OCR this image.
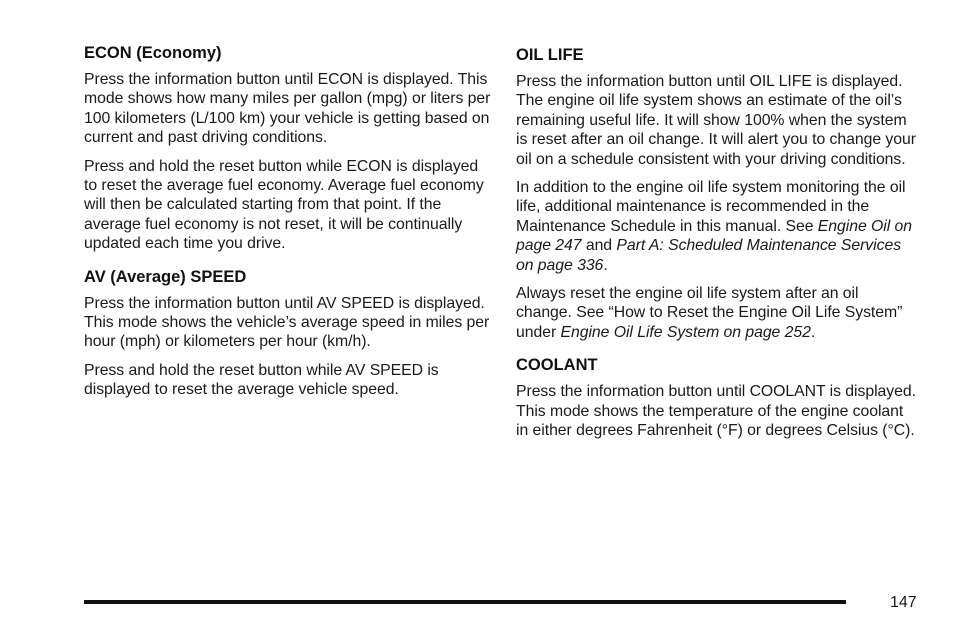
ECON (Economy)

Press the information button until ECON is displayed. This mode shows how many miles per gallon (mpg) or liters per 100 kilometers (L/100 km) your vehicle is getting based on current and past driving conditions.

Press and hold the reset button while ECON is displayed to reset the average fuel economy. Average fuel economy will then be calculated starting from that point. If the average fuel economy is not reset, it will be continually updated each time you drive.

AV (Average) SPEED

Press the information button until AV SPEED is displayed. This mode shows the vehicle’s average speed in miles per hour (mph) or kilometers per hour (km/h).

Press and hold the reset button while AV SPEED is displayed to reset the average vehicle speed.

OIL LIFE

Press the information button until OIL LIFE is displayed. The engine oil life system shows an estimate of the oil’s remaining useful life. It will show 100% when the system is reset after an oil change. It will alert you to change your oil on a schedule consistent with your driving conditions.

In addition to the engine oil life system monitoring the oil life, additional maintenance is recommended in the Maintenance Schedule in this manual. See Engine Oil on page 247 and Part A: Scheduled Maintenance Services on page 336.

Always reset the engine oil life system after an oil change. See “How to Reset the Engine Oil Life System” under Engine Oil Life System on page 252.

COOLANT

Press the information button until COOLANT is displayed. This mode shows the temperature of the engine coolant in either degrees Fahrenheit (°F) or degrees Celsius (°C).

147
